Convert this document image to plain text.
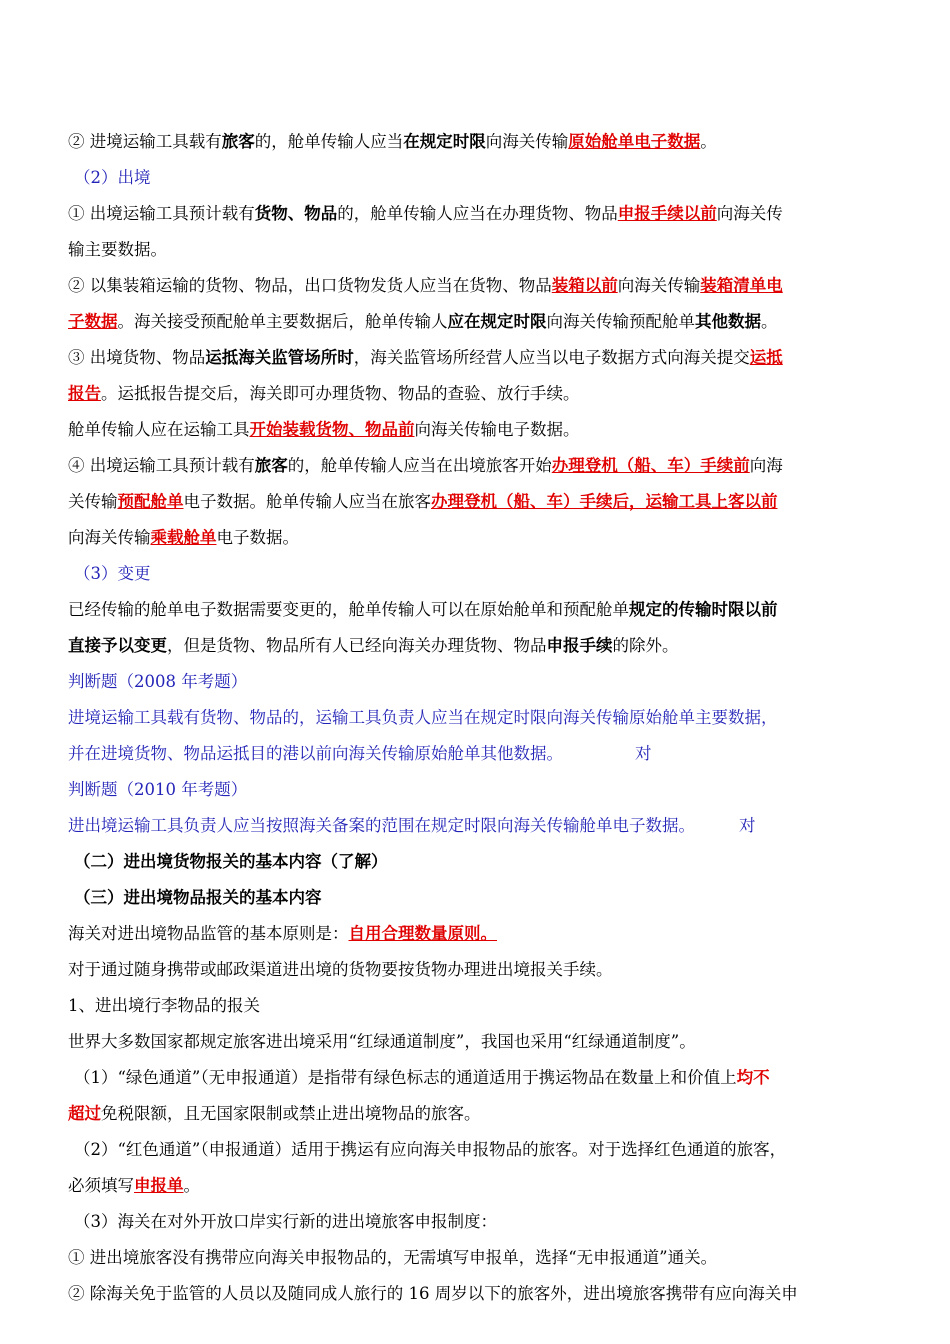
② 进境运输工具载有旅客的，舱单传输人应当在规定时限向海关传输原始舱单电子数据。
（2）出境
① 出境运输工具预计载有货物、物品的，舱单传输人应当在办理货物、物品申报手续以前向海关传
输主要数据。
② 以集装箱运输的货物、物品，出口货物发货人应当在货物、物品装箱以前向海关传输装箱清单电
子数据。海关接受预配舱单主要数据后，舱单传输人应在规定时限向海关传输预配舱单其他数据。
③ 出境货物、物品运抵海关监管场所时，海关监管场所经营人应当以电子数据方式向海关提交运抵
报告。运抵报告提交后，海关即可办理货物、物品的查验、放行手续。
舱单传输人应在运输工具开始装载货物、物品前向海关传输电子数据。
④ 出境运输工具预计载有旅客的，舱单传输人应当在出境旅客开始办理登机（船、车）手续前向海
关传输预配舱单电子数据。舱单传输人应当在旅客办理登机（船、车）手续后，运输工具上客以前
向海关传输乘载舱单电子数据。
（3）变更
已经传输的舱单电子数据需要变更的，舱单传输人可以在原始舱单和预配舱单规定的传输时限以前
直接予以变更，但是货物、物品所有人已经向海关办理货物、物品申报手续的除外。
判断题（2008 年考题）
进境运输工具载有货物、物品的，运输工具负责人应当在规定时限向海关传输原始舱单主要数据，
并在进境货物、物品运抵目的港以前向海关传输原始舱单其他数据。	对
判断题（2010 年考题）
进出境运输工具负责人应当按照海关备案的范围在规定时限向海关传输舱单电子数据。	对
（二）进出境货物报关的基本内容（了解）
（三）进出境物品报关的基本内容
海关对进出境物品监管的基本原则是：自用合理数量原则。
对于通过随身携带或邮政渠道进出境的货物要按货物办理进出境报关手续。
1、进出境行李物品的报关
世界大多数国家都规定旅客进出境采用“红绿通道制度”，我国也采用“红绿通道制度”。
（1）“绿色通道”（无申报通道）是指带有绿色标志的通道适用于携运物品在数量上和价值上均不
超过免税限额，且无国家限制或禁止进出境物品的旅客。
（2）“红色通道”（申报通道）适用于携运有应向海关申报物品的旅客。对于选择红色通道的旅客，
必须填写申报单。
（3）海关在对外开放口岸实行新的进出境旅客申报制度：
① 进出境旅客没有携带应向海关申报物品的，无需填写申报单，选择“无申报通道”通关。
② 除海关免于监管的人员以及随同成人旅行的 16 周岁以下的旅客外，进出境旅客携带有应向海关申
